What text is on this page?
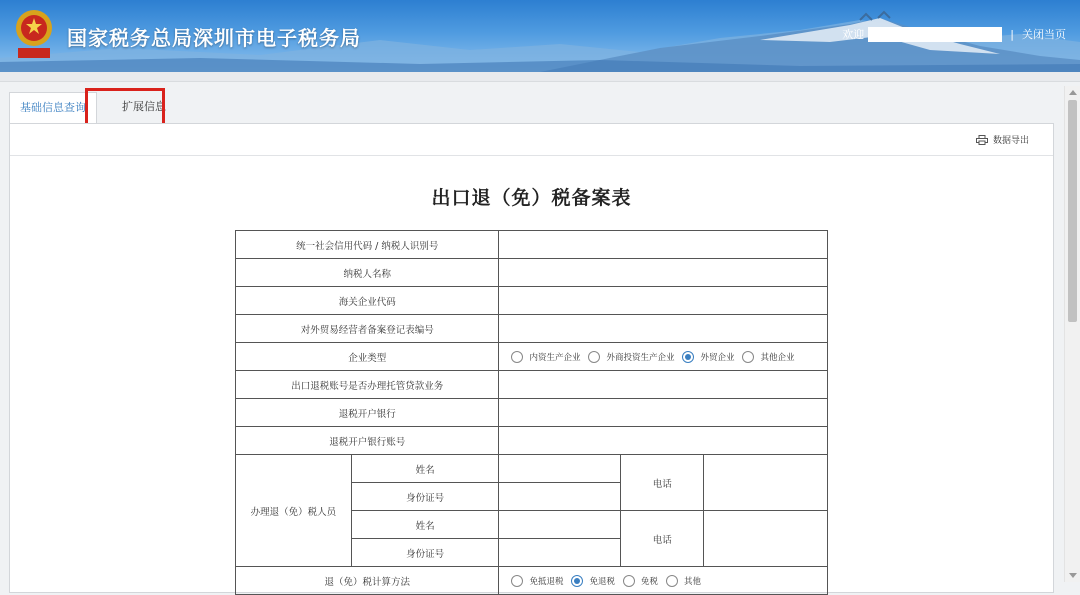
国家税务总局深圳市电子税务局	欢迎	| 关闭当页
基础信息查询	扩展信息
数据导出
出口退（免）税备案表
统一社会信用代码 / 纳税人识别号				
纳税人名称				
海关企业代码				
对外贸易经营者备案登记表编号				
企业类型		内资生产企业 外商投资生产企业 外贸企业 其他企业		

出口退税账号是否办理托管贷款业务				
退税开户银行				
退税开户银行账号				
办理退（免）税人员	姓名		电话	
	身份证号			
	姓名		电话	
	身份证号			
退（免）税计算方法		免抵退税 免退税 免税 其他		
